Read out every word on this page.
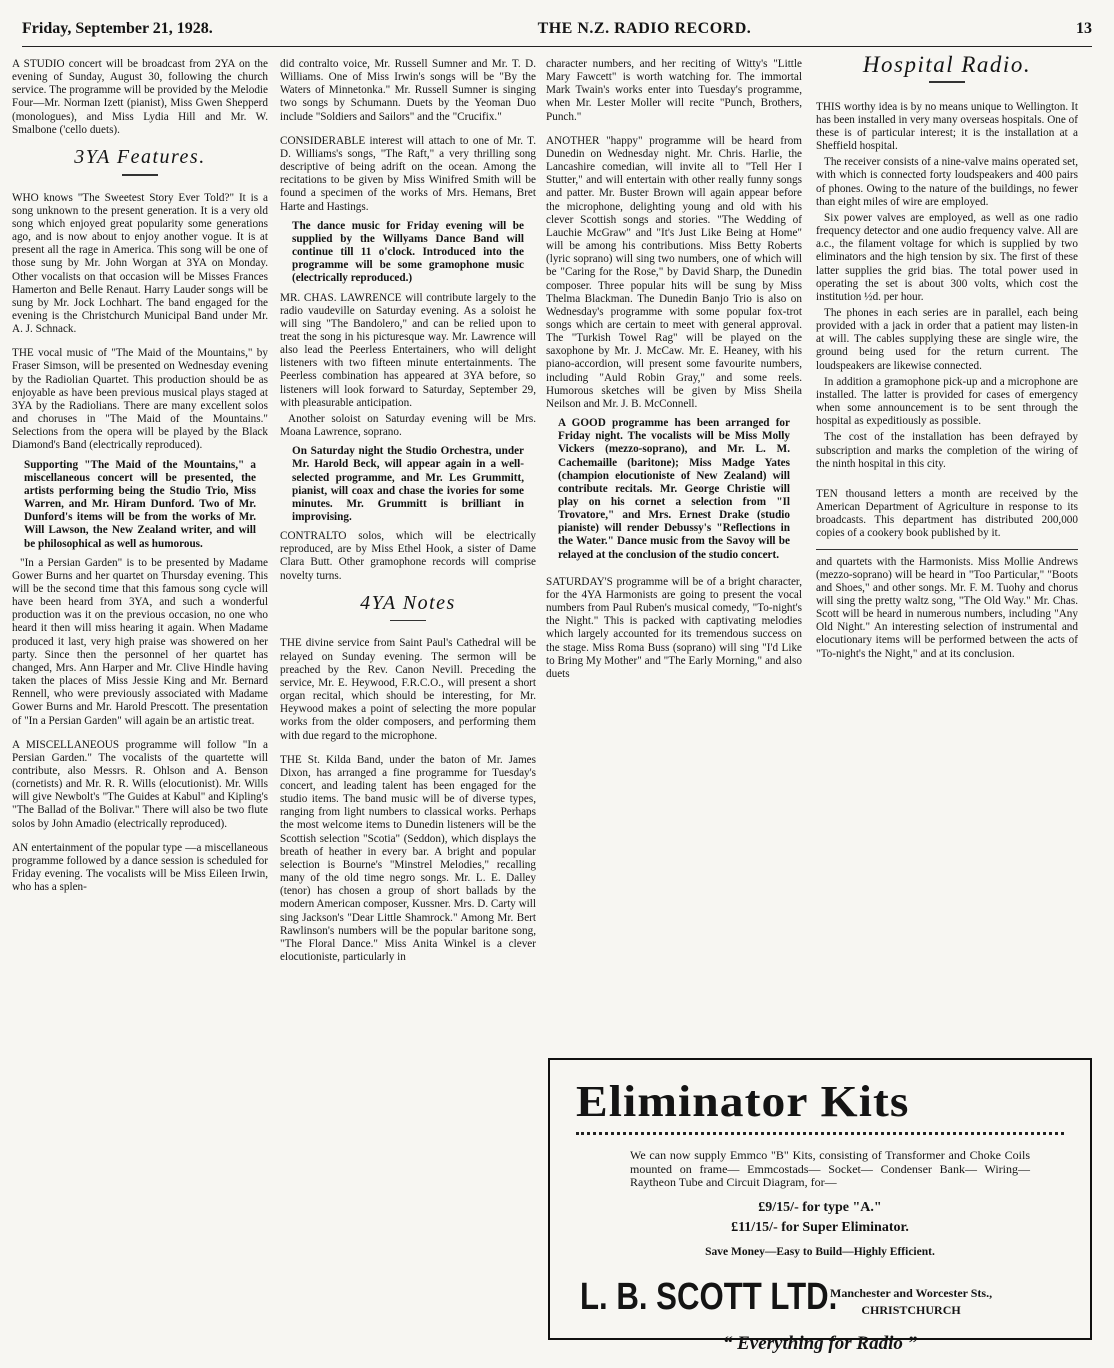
Friday, September 21, 1928.	THE N.Z. RADIO RECORD.	13

A STUDIO concert will be broadcast from 2YA on the evening of Sunday, August 30, following the church service. The programme will be provided by the Melodie Four—Mr. Norman Izett (pianist), Miss Gwen Shepperd (monologues), and Miss Lydia Hill and Mr. W. Smalbone ('cello duets).

3YA Features.

WHO knows "The Sweetest Story Ever Told?" It is a song unknown to the present generation. It is a very old song which enjoyed great popularity some generations ago, and is now about to enjoy another vogue. It is at present all the rage in America. This song will be one of those sung by Mr. John Worgan at 3YA on Monday. Other vocalists on that occasion will be Misses Frances Hamerton and Belle Renaut. Harry Lauder songs will be sung by Mr. Jock Lochhart. The band engaged for the evening is the Christchurch Municipal Band under Mr. A. J. Schnack.

THE vocal music of "The Maid of the Mountains," by Fraser Simson, will be presented on Wednesday evening by the Radiolian Quartet. This production should be as enjoyable as have been previous musical plays staged at 3YA by the Radiolians. There are many excellent solos and choruses in "The Maid of the Mountains." Selections from the opera will be played by the Black Diamond's Band (electrically reproduced).

Supporting "The Maid of the Mountains," a miscellaneous concert will be presented, the artists performing being the Studio Trio, Miss Warren, and Mr. Hiram Dunford. Two of Mr. Dunford's items will be from the works of Mr. Will Lawson, the New Zealand writer, and will be philosophical as well as humorous.

"In a Persian Garden" is to be presented by Madame Gower Burns and her quartet on Thursday evening. This will be the second time that this famous song cycle will have been heard from 3YA, and such a wonderful production was it on the previous occasion, no one who heard it then will miss hearing it again. When Madame produced it last, very high praise was showered on her party. Since then the personnel of her quartet has changed, Mrs. Ann Harper and Mr. Clive Hindle having taken the places of Miss Jessie King and Mr. Bernard Rennell, who were previously associated with Madame Gower Burns and Mr. Harold Prescott. The presentation of "In a Persian Garden" will again be an artistic treat.

A MISCELLANEOUS programme will follow "In a Persian Garden." The vocalists of the quartette will contribute, also Messrs. R. Ohlson and A. Benson (cornetists) and Mr. R. R. Wills (elocutionist). Mr. Wills will give Newbolt's "The Guides at Kabul" and Kipling's "The Ballad of the Bolivar." There will also be two flute solos by John Amadio (electrically reproduced).

AN entertainment of the popular type —a miscellaneous programme followed by a dance session is scheduled for Friday evening. The vocalists will be Miss Eileen Irwin, who has a splen-

did contralto voice, Mr. Russell Sumner and Mr. T. D. Williams. One of Miss Irwin's songs will be "By the Waters of Minnetonka." Mr. Russell Sumner is singing two songs by Schumann. Duets by the Yeoman Duo include "Soldiers and Sailors" and the "Crucifix."

CONSIDERABLE interest will attach to one of Mr. T. D. Williams's songs, "The Raft," a very thrilling song descriptive of being adrift on the ocean. Among the recitations to be given by Miss Winifred Smith will be found a specimen of the works of Mrs. Hemans, Bret Harte and Hastings.

The dance music for Friday evening will be supplied by the Willyams Dance Band will continue till 11 o'clock. Introduced into the programme will be some gramophone music (electrically reproduced.)

MR. CHAS. LAWRENCE will contribute largely to the radio vaudeville on Saturday evening. As a soloist he will sing "The Bandolero," and can be relied upon to treat the song in his picturesque way. Mr. Lawrence will also lead the Peerless Entertainers, who will delight listeners with two fifteen minute entertainments. The Peerless combination has appeared at 3YA before, so listeners will look forward to Saturday, September 29, with pleasurable anticipation.

Another soloist on Saturday evening will be Mrs. Moana Lawrence, soprano.

On Saturday night the Studio Orchestra, under Mr. Harold Beck, will appear again in a well-selected programme, and Mr. Les Grummitt, pianist, will coax and chase the ivories for some minutes. Mr. Grummitt is brilliant in improvising.

CONTRALTO solos, which will be electrically reproduced, are by Miss Ethel Hook, a sister of Dame Clara Butt. Other gramophone records will comprise novelty turns.

4YA Notes

THE divine service from Saint Paul's Cathedral will be relayed on Sunday evening. The sermon will be preached by the Rev. Canon Nevill. Preceding the service, Mr. E. Heywood, F.R.C.O., will present a short organ recital, which should be interesting, for Mr. Heywood makes a point of selecting the more popular works from the older composers, and performing them with due regard to the microphone.

THE St. Kilda Band, under the baton of Mr. James Dixon, has arranged a fine programme for Tuesday's concert, and leading talent has been engaged for the studio items. The band music will be of diverse types, ranging from light numbers to classical works. Perhaps the most welcome items to Dunedin listeners will be the Scottish selection "Scotia" (Seddon), which displays the breath of heather in every bar. A bright and popular selection is Bourne's "Minstrel Melodies," recalling many of the old time negro songs. Mr. L. E. Dalley (tenor) has chosen a group of short ballads by the modern American composer, Kussner. Mrs. D. Carty will sing Jackson's "Dear Little Shamrock." Among Mr. Bert Rawlinson's numbers will be the popular baritone song, "The Floral Dance." Miss Anita Winkel is a clever elocutioniste, particularly in

character numbers, and her reciting of Witty's "Little Mary Fawcett" is worth watching for. The immortal Mark Twain's works enter into Tuesday's programme, when Mr. Lester Moller will recite "Punch, Brothers, Punch."

ANOTHER "happy" programme will be heard from Dunedin on Wednesday night. Mr. Chris. Harlie, the Lancashire comedian, will invite all to "Tell Her I Stutter," and will entertain with other really funny songs and patter. Mr. Buster Brown will again appear before the microphone, delighting young and old with his clever Scottish songs and stories. "The Wedding of Lauchie McGraw" and "It's Just Like Being at Home" will be among his contributions. Miss Betty Roberts (lyric soprano) will sing two numbers, one of which will be "Caring for the Rose," by David Sharp, the Dunedin composer. Three popular hits will be sung by Miss Thelma Blackman. The Dunedin Banjo Trio is also on Wednesday's programme with some popular fox-trot songs which are certain to meet with general approval. The "Turkish Towel Rag" will be played on the saxophone by Mr. J. McCaw. Mr. E. Heaney, with his piano-accordion, will present some favourite numbers, including "Auld Robin Gray," and some reels. Humorous sketches will be given by Miss Sheila Neilson and Mr. J. B. McConnell.

A GOOD programme has been arranged for Friday night. The vocalists will be Miss Molly Vickers (mezzo-soprano), and Mr. L. M. Cachemaille (baritone); Miss Madge Yates (champion elocutioniste of New Zealand) will contribute recitals. Mr. George Christie will play on his cornet a selection from "Il Trovatore," and Mrs. Ernest Drake (studio pianiste) will render Debussy's "Reflections in the Water." Dance music from the Savoy will be relayed at the conclusion of the studio concert.

SATURDAY'S programme will be of a bright character, for the 4YA Harmonists are going to present the vocal numbers from Paul Ruben's musical comedy, "To-night's the Night." This is packed with captivating melodies which largely accounted for its tremendous success on the stage. Miss Roma Buss (soprano) will sing "I'd Like to Bring My Mother" and "The Early Morning," and also duets

Hospital Radio.

THIS worthy idea is by no means unique to Wellington. It has been installed in very many overseas hospitals. One of these is of particular interest; it is the installation at a Sheffield hospital.

The receiver consists of a nine-valve mains operated set, with which is connected forty loudspeakers and 400 pairs of phones. Owing to the nature of the buildings, no fewer than eight miles of wire are employed.

Six power valves are employed, as well as one radio frequency detector and one audio frequency valve. All are a.c., the filament voltage for which is supplied by two eliminators and the high tension by six. The first of these latter supplies the grid bias. The total power used in operating the set is about 300 volts, which cost the institution ½d. per hour.

The phones in each series are in parallel, each being provided with a jack in order that a patient may listen-in at will. The cables supplying these are single wire, the ground being used for the return current. The loudspeakers are likewise connected.

In addition a gramophone pick-up and a microphone are installed. The latter is provided for cases of emergency when some announcement is to be sent through the hospital as expeditiously as possible.

The cost of the installation has been defrayed by subscription and marks the completion of the wiring of the ninth hospital in this city.

TEN thousand letters a month are received by the American Department of Agriculture in response to its broadcasts. This department has distributed 200,000 copies of a cookery book published by it.

and quartets with the Harmonists. Miss Mollie Andrews (mezzo-soprano) will be heard in "Too Particular," "Boots and Shoes," and other songs. Mr. F. M. Tuohy and chorus will sing the pretty waltz song, "The Old Way." Mr. Chas. Scott will be heard in numerous numbers, including "Any Old Night." An interesting selection of instrumental and elocutionary items will be performed between the acts of "To-night's the Night," and at its conclusion.

Eliminator Kits
We can now supply Emmco "B" Kits, consisting of Transformer and Choke Coils mounted on frame— Emmcostads— Socket— Condenser Bank— Wiring— Raytheon Tube and Circuit Diagram, for—
£9/15/- for type "A."
£11/15/- for Super Eliminator.
Save Money—Easy to Build—Highly Efficient.
L. B. SCOTT LTD.
Manchester and Worcester Sts.,
CHRISTCHURCH
“ Everything for Radio ”
